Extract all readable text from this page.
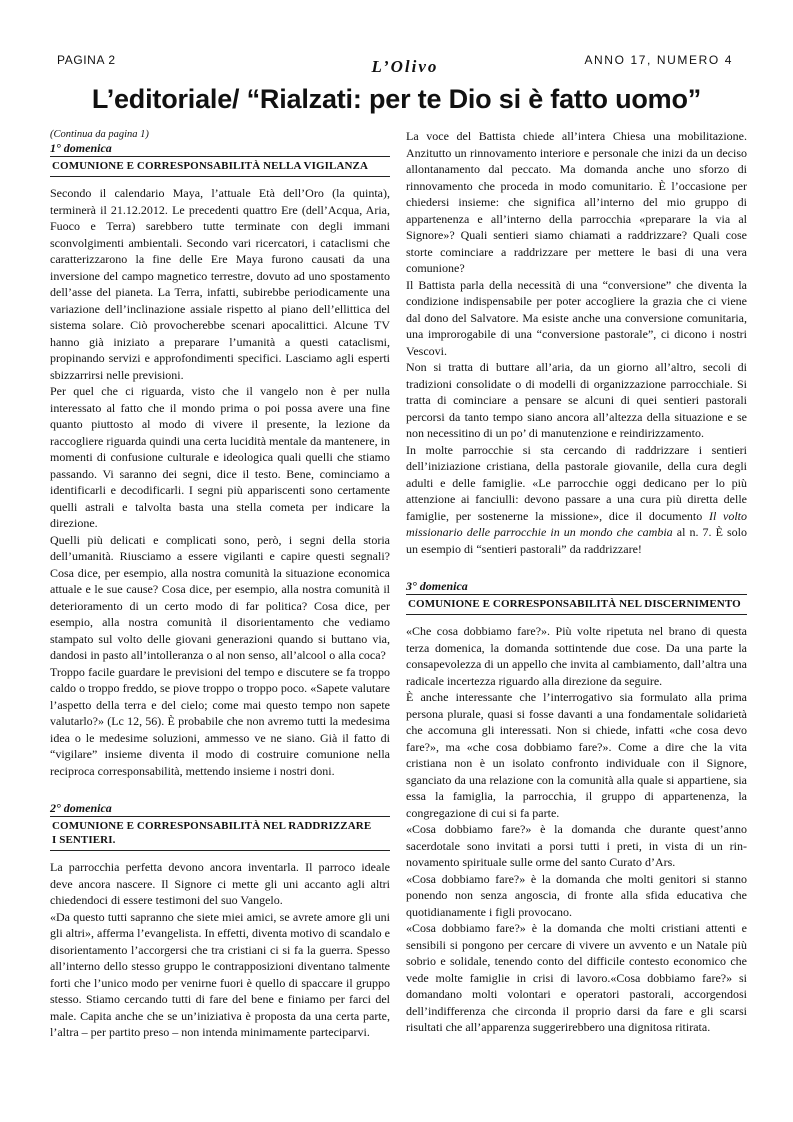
PAGINA 2	L’Olivo	ANNO 17, NUMERO 4
L’editoriale/ “Rialzati: per te Dio si è fatto uomo”
(Continua da pagina 1)
1° domenica
COMUNIONE E CORRESPONSABILITÀ NELLA VIGILANZA

Secondo il calendario Maya, l’attuale Età dell’Oro (la quinta), terminerà il 21.12.2012. Le precedenti quattro Ere (dell’Acqua, Aria, Fuoco e Terra) sarebbero tutte terminate con degli immani sconvolgimenti ambientali. Secondo vari ricercatori, i cataclismi che caratterizzarono la fine delle Ere Maya furono causati da una inversione del campo magnetico terrestre, dovuto ad uno spostamento dell’asse del pianeta. La Terra, infatti, subirebbe periodicamente una variazione dell’inclinazione assiale rispetto al piano dell’ellittica del sistema solare. Ciò provocherebbe scenari apocalittici. Alcune TV hanno già iniziato a preparare l’umanità a questi cataclismi, propinando servizi e approfondimenti specifici. Lasciamo agli esperti sbizzarrirsi nelle previsioni.

Per quel che ci riguarda, visto che il vangelo non è per nulla interessato al fatto che il mondo prima o poi possa avere una fine quanto piuttosto al modo di vivere il presente, la lezione da raccogliere riguarda quindi una certa lucidità mentale da mantenere, in momenti di confusione culturale e ideologica quali quelli che stiamo passando. Vi saranno dei segni, dice il testo. Bene, cominciamo a identificarli e decodificarli. I segni più appariscenti sono certamente quelli astrali e talvolta basta una stella cometa per indicare la direzione.

Quelli più delicati e complicati sono, però, i segni della storia dell’umanità. Riusciamo a essere vigilanti e capire questi segnali? Cosa dice, per esempio, alla nostra comunità la situazione economica attuale e le sue cause? Cosa dice, per esempio, alla nostra comunità il deterioramento di un certo modo di far politica? Cosa dice, per esempio, alla nostra comunità il disorientamento che vediamo stampato sul volto delle giovani generazioni quando si buttano via, dandosi in pasto all’intolleranza o al non senso, all’alcool o alla coca?

Troppo facile guardare le previsioni del tempo e discutere se fa troppo caldo o troppo freddo, se piove troppo o troppo poco. «Sapete valutare l’aspetto della terra e del cielo; come mai questo tempo non sapete valutarlo?» (Lc 12, 56). È probabile che non avremo tutti la medesima idea o le medesime soluzioni, ammesso ve ne siano. Già il fatto di “vigilare” insieme diventa il modo di costruire comunione nella reciproca corresponsabilità, mettendo insieme i nostri doni.

2° domenica
COMUNIONE E CORRESPONSABILITÀ NEL RADDRIZZARE
I SENTIERI.

La parrocchia perfetta devono ancora inventarla. Il parroco ideale deve ancora nascere. Il Signore ci mette gli uni accanto agli altri chiedendoci di essere testimoni del suo Vangelo.

«Da questo tutti sapranno che siete miei amici, se avrete amore gli uni gli altri», afferma l’evangelista. In effetti, diventa motivo di scandalo e disorientamento l’accorgersi che tra cristiani ci si fa la guerra. Spesso all’interno dello stesso gruppo le contrapposizioni diventano talmente forti che l’unico modo per venirne fuori è quello di spaccare il gruppo stesso. Stiamo cercando tutti di fare del bene e finiamo per farci del male. Capita anche che se un’iniziativa è proposta da una certa parte, l’altra – per partito preso – non intenda minimamente parteciparvi.

La voce del Battista chiede all’intera Chiesa una mobilitazione. Anzitutto un rinnovamento interiore e personale che inizi da un deciso allontanamento dal peccato. Ma domanda anche uno sforzo di rinnovamento che proceda in modo comunitario. È l’occasione per chiedersi insieme: che significa all’interno del mio gruppo di appartenenza e all’interno della parrocchia «preparare la via al Signore»? Quali sentieri siamo chiamati a raddrizzare? Quali cose storte cominciare a raddrizzare per mettere le basi di una vera comunione?

Il Battista parla della necessità di una “conversione” che diventa la condizione indispensabile per poter accogliere la grazia che ci viene dal dono del Salvatore. Ma esiste anche una conversione comunitaria, una improrogabile di una “conversione pastorale”, ci dicono i nostri Vescovi.

Non si tratta di buttare all’aria, da un giorno all’altro, secoli di tradizioni consolidate o di modelli di organizzazione parrocchiale. Si tratta di cominciare a pensare se alcuni di quei sentieri pastorali percorsi da tanto tempo siano ancora all’altezza della situazione e se non necessitino di un po’ di manutenzione e reindirizzamento.

In molte parrocchie si sta cercando di raddrizzare i sentieri dell’iniziazione cristiana, della pastorale giovanile, della cura degli adulti e delle famiglie. «Le parrocchie oggi dedicano per lo più attenzione ai fanciulli: devono passare a una cura più diretta delle famiglie, per sostenerne la missione», dice il documento Il volto missionario delle parrocchie in un mondo che cambia al n. 7. È solo un esempio di “sentieri pastorali” da raddrizzare!

3° domenica
COMUNIONE E CORRESPONSABILITÀ NEL DISCERNIMENTO

«Che cosa dobbiamo fare?». Più volte ripetuta nel brano di questa terza domenica, la domanda sottintende due cose. Da una parte la consapevolezza di un appello che invita al cambiamento, dall’altra una radicale incertezza riguardo alla direzione da seguire.

È anche interessante che l’interrogativo sia formulato alla prima persona plurale, quasi si fosse davanti a una fondamentale solidarietà che accomuna gli interessati. Non si chiede, infatti «che cosa devo fare?», ma «che cosa dobbiamo fare?». Come a dire che la vita cristiana non è un isolato confronto individuale con il Signore, sganciato da una relazione con la comunità alla quale si appartiene, sia essa la famiglia, la parrocchia, il gruppo di appartenenza, la congregazione di cui si fa parte.

«Cosa dobbiamo fare?» è la domanda che durante quest’anno sacerdotale sono invitati a porsi tutti i preti, in vista di un rinnovamento spirituale sulle orme del santo Curato d’Ars.

«Cosa dobbiamo fare?» è la domanda che molti genitori si stanno ponendo non senza angoscia, di fronte alla sfida educativa che quotidianamente i figli provocano.

«Cosa dobbiamo fare?» è la domanda che molti cristiani attenti e sensibili si pongono per cercare di vivere un avvento e un Natale più sobrio e solidale, tenendo conto del difficile contesto economico che vede molte famiglie in crisi di lavoro.«Cosa dobbiamo fare?» si domandano molti volontari e operatori pastorali, accorgendosi dell’indifferenza che circonda il proprio darsi da fare e gli scarsi risultati che all’apparenza suggerirebbero una dignitosa ritirata.
